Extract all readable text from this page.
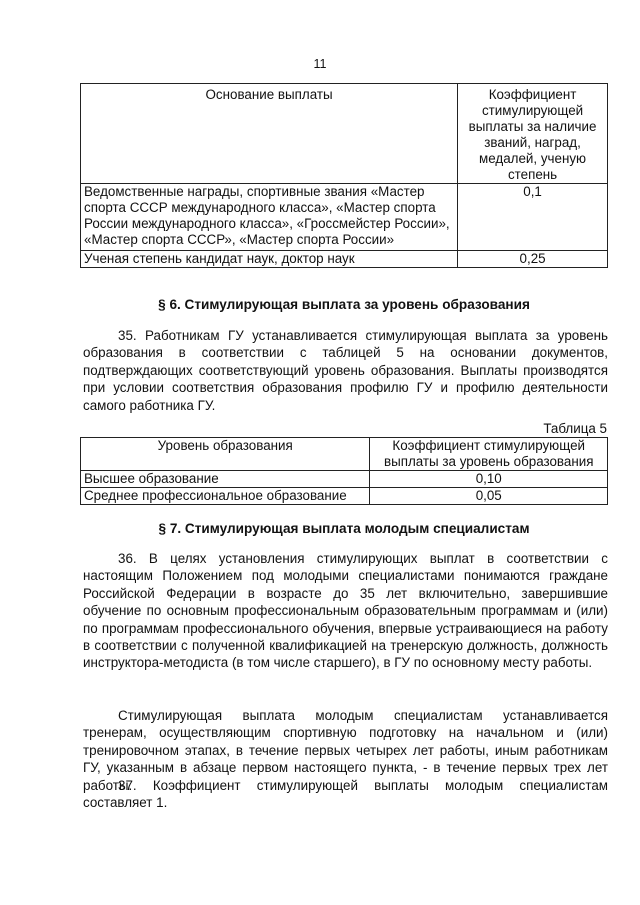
11
Основание выплаты	Коэффициент стимулирующей выплаты за наличие званий, наград, медалей, ученую степень
Ведомственные награды, спортивные звания «Мастер спорта СССР международного класса», «Мастер спорта России международного класса», «Гроссмейстер России», «Мастер спорта СССР», «Мастер спорта России»	0,1
Ученая степень кандидат наук, доктор наук	0,25
§ 6. Стимулирующая выплата за уровень образования

35. Работникам ГУ устанавливается стимулирующая выплата за уровень образования в соответствии с таблицей 5 на основании документов, подтверждающих соответствующий уровень образования. Выплаты производятся при условии соответствия образования профилю ГУ и профилю деятельности самого работника ГУ.

Таблица 5
Уровень образования	Коэффициент стимулирующей выплаты за уровень образования
Высшее образование	0,10
Среднее профессиональное образование	0,05
§ 7. Стимулирующая выплата молодым специалистам

36. В целях установления стимулирующих выплат в соответствии с настоящим Положением под молодыми специалистами понимаются граждане Российской Федерации в возрасте до 35 лет включительно, завершившие обучение по основным профессиональным образовательным программам и (или) по программам профессионального обучения, впервые устраивающиеся на работу в соответствии с полученной квалификацией на тренерскую должность, должность инструктора-методиста (в том числе старшего), в ГУ по основному месту работы.

Стимулирующая выплата молодым специалистам устанавливается тренерам, осуществляющим спортивную подготовку на начальном и (или) тренировочном этапах, в течение первых четырех лет работы, иным работникам ГУ, указанным в абзаце первом настоящего пункта, - в течение первых трех лет работы.

37. Коэффициент стимулирующей выплаты молодым специалистам составляет 1.
